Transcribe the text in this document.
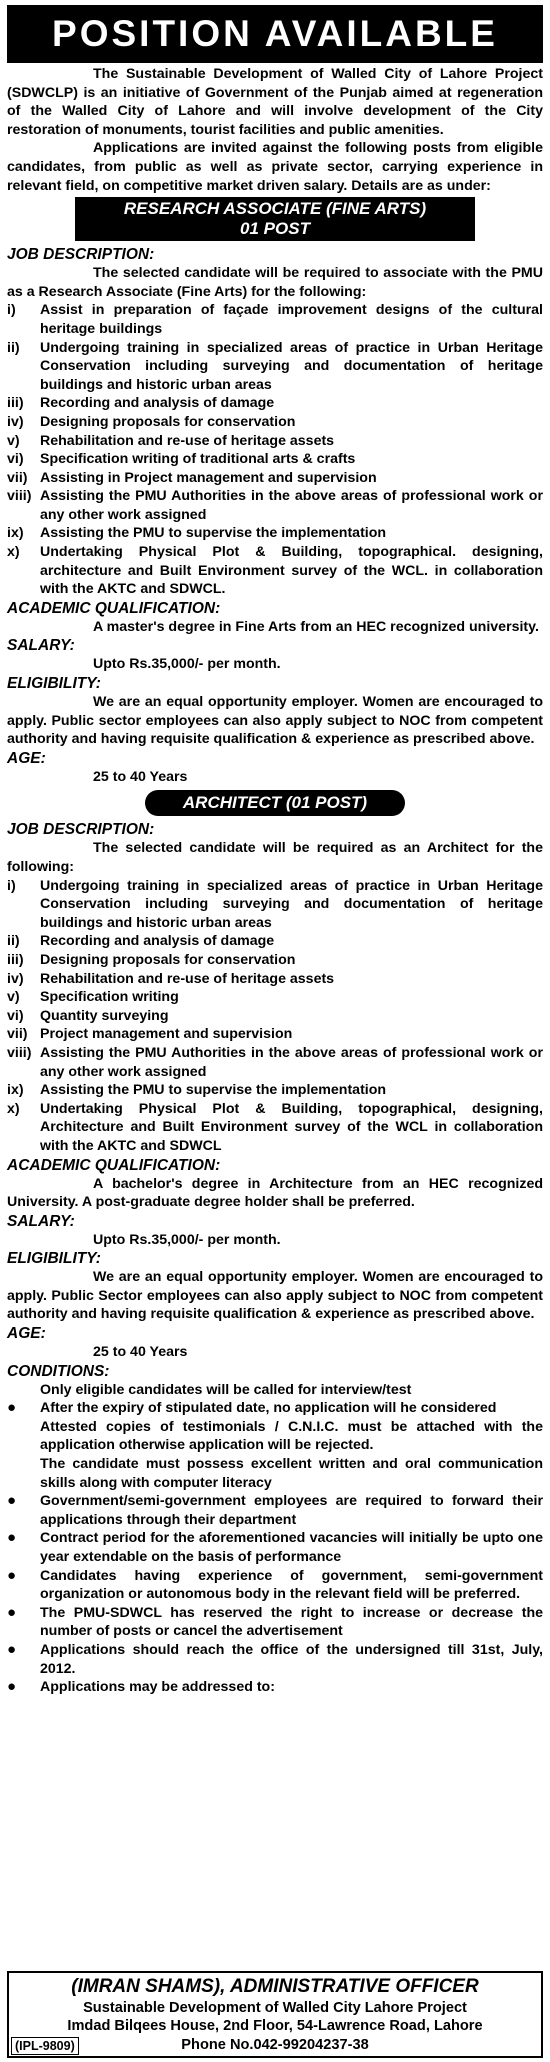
POSITION AVAILABLE

The Sustainable Development of Walled City of Lahore Project (SDWCLP) is an initiative of Government of the Punjab aimed at regeneration of the Walled City of Lahore and will involve development of the City restoration of monuments, tourist facilities and public amenities.

Applications are invited against the following posts from eligible candidates, from public as well as private sector, carrying experience in relevant field, on competitive market driven salary. Details are as under:

RESEARCH ASSOCIATE (FINE ARTS)
01 POST
JOB DESCRIPTION:

The selected candidate will be required to associate with the PMU as a Research Associate (Fine Arts) for the following:

i)	Assist in preparation of façade improvement designs of the cultural heritage buildings
ii)	Undergoing training in specialized areas of practice in Urban Heritage Conservation including surveying and documentation of heritage buildings and historic urban areas
iii)	Recording and analysis of damage
iv)	Designing proposals for conservation
v)	Rehabilitation and re-use of heritage assets
vi)	Specification writing of traditional arts & crafts
vii) Assisting in Project management and supervision
viii) Assisting the PMU Authorities in the above areas of professional work or any other work assigned
ix)	Assisting the PMU to supervise the implementation
x)	Undertaking Physical Plot & Building, topographical. designing, architecture and Built Environment survey of the WCL. in collaboration with the AKTC and SDWCL.
ACADEMIC QUALIFICATION:

A master's degree in Fine Arts from an HEC recognized university.

SALARY:

Upto Rs.35,000/- per month.

ELIGIBILITY:

We are an equal opportunity employer. Women are encouraged to apply. Public sector employees can also apply subject to NOC from competent authority and having requisite qualification & experience as prescribed above.

AGE:

25 to 40 Years

ARCHITECT (01 POST)
JOB DESCRIPTION:

The selected candidate will be required as an Architect for the following:

i)	Undergoing training in specialized areas of practice in Urban Heritage Conservation including surveying and documentation of heritage buildings and historic urban areas
ii)	Recording and analysis of damage
iii)	Designing proposals for conservation
iv)	Rehabilitation and re-use of heritage assets
v)	Specification writing
vi)	Quantity surveying
vii) Project management and supervision
viii) Assisting the PMU Authorities in the above areas of professional work or any other work assigned
ix)	Assisting the PMU to supervise the implementation
x)	Undertaking Physical Plot & Building, topographical, designing, Architecture and Built Environment survey of the WCL in collaboration with the AKTC and SDWCL
ACADEMIC QUALIFICATION:

A bachelor's degree in Architecture from an HEC recognized University. A post-graduate degree holder shall be preferred.

SALARY:

Upto Rs.35,000/- per month.

ELIGIBILITY:

We are an equal opportunity employer. Women are encouraged to apply. Public Sector employees can also apply subject to NOC from competent authority and having requisite qualification & experience as prescribed above.

AGE:

25 to 40 Years

CONDITIONS:
Only eligible candidates will be called for interview/test
●	After the expiry of stipulated date, no application will he considered
Attested copies of testimonials / C.N.I.C. must be attached with the application otherwise application will be rejected.
The candidate must possess excellent written and oral communication skills along with computer literacy
●	Government/semi-government employees are required to forward their applications through their department
●	Contract period for the aforementioned vacancies will initially be upto one year extendable on the basis of performance
●	Candidates having experience of government, semi-government organization or autonomous body in the relevant field will be preferred.
●	The PMU-SDWCL has reserved the right to increase or decrease the number of posts or cancel the advertisement
●	Applications should reach the office of the undersigned till 31st, July, 2012.
●	Applications may be addressed to:
(IMRAN SHAMS), ADMINISTRATIVE OFFICER
Sustainable Development of Walled City Lahore Project
Imdad Bilqees House, 2nd Floor, 54-Lawrence Road, Lahore
Phone No.042-99204237-38
(IPL-9809)
